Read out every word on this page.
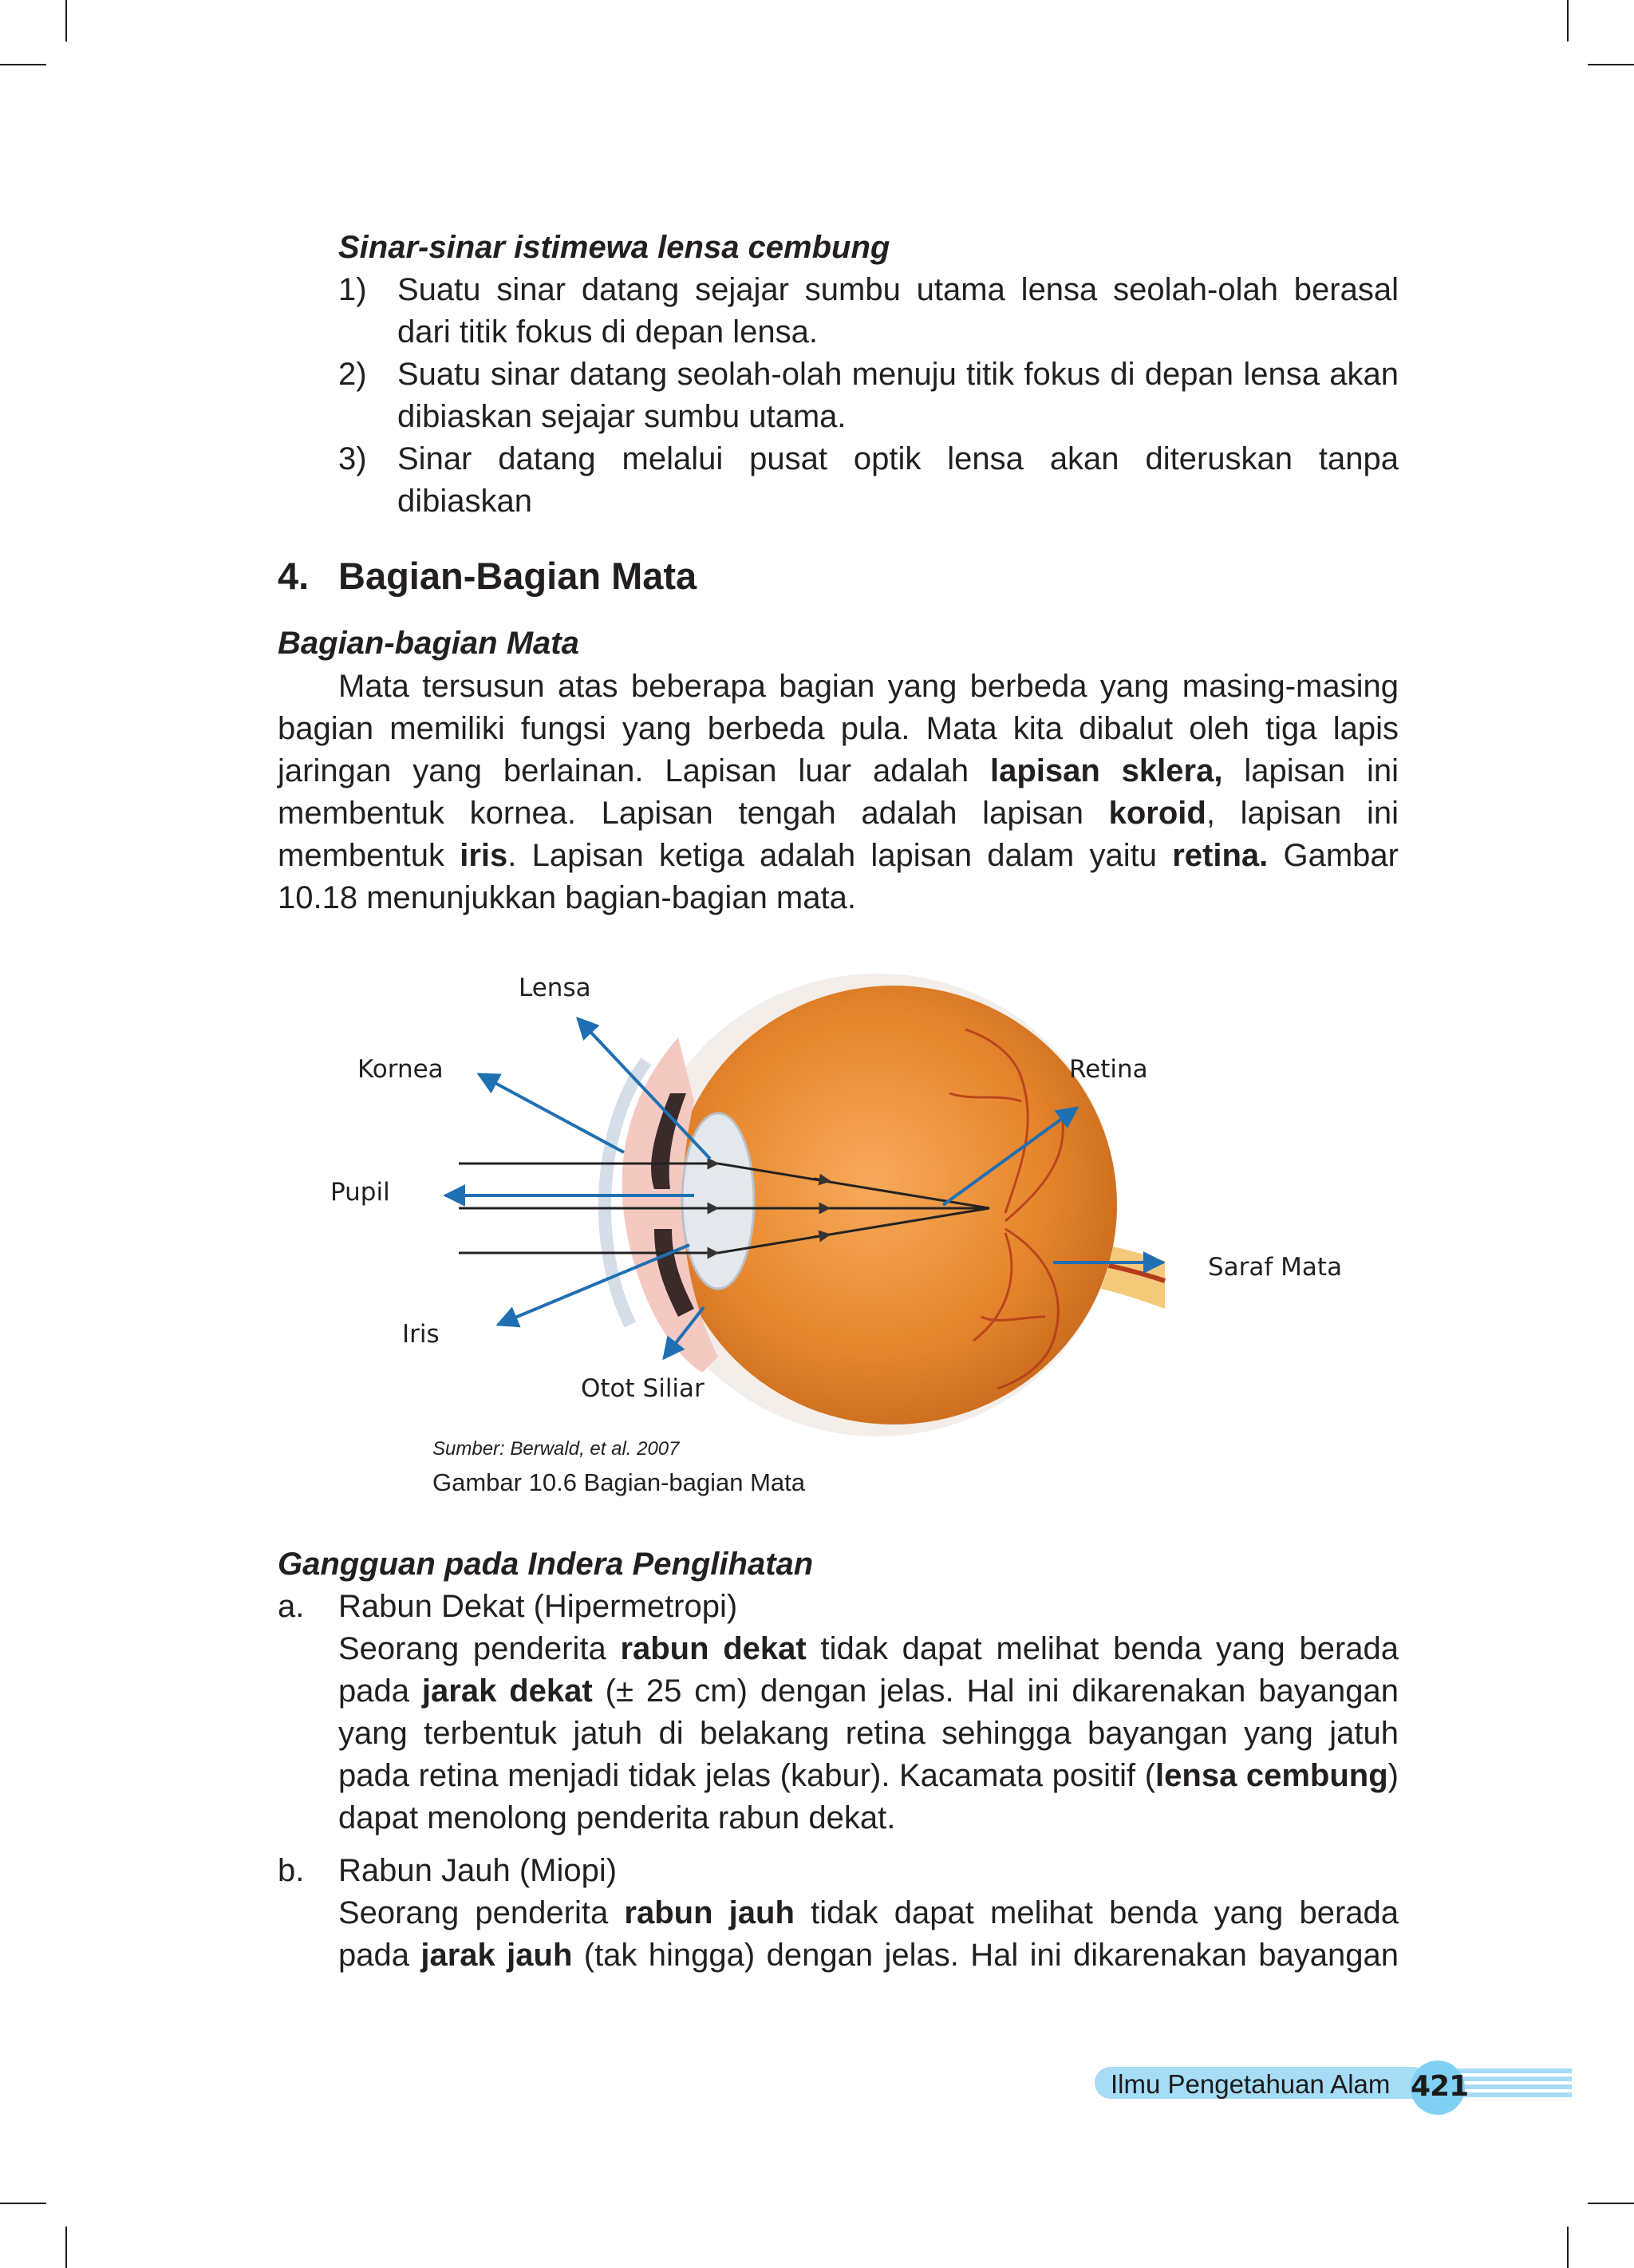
Sinar-sinar istimewa lensa cembung
1) Suatu sinar datang sejajar sumbu utama lensa seolah-olah berasal dari titik fokus di depan lensa.
2) Suatu sinar datang seolah-olah menuju titik fokus di depan lensa akan dibiaskan sejajar sumbu utama.
3) Sinar datang melalui pusat optik lensa akan diteruskan tanpa dibiaskan
4. Bagian-Bagian Mata
Bagian-bagian Mata
Mata tersusun atas beberapa bagian yang berbeda yang masing-masing bagian memiliki fungsi yang berbeda pula. Mata kita dibalut oleh tiga lapis jaringan yang berlainan. Lapisan luar adalah lapisan sklera, lapisan ini membentuk kornea. Lapisan tengah adalah lapisan koroid, lapisan ini membentuk iris. Lapisan ketiga adalah lapisan dalam yaitu retina. Gambar 10.18 menunjukkan bagian-bagian mata.
Lensa
Kornea	Retina
Pupil
Saraf Mata
Iris
Otot Siliar
Sumber: Berwald, et al. 2007
Gambar 10.6 Bagian-bagian Mata
Gangguan pada Indera Penglihatan
a. Rabun Dekat (Hipermetropi)
Seorang penderita rabun dekat tidak dapat melihat benda yang berada pada jarak dekat (± 25 cm) dengan jelas. Hal ini dikarenakan bayangan yang terbentuk jatuh di belakang retina sehingga bayangan yang jatuh pada retina menjadi tidak jelas (kabur). Kacamata positif (lensa cembung) dapat menolong penderita rabun dekat.
b. Rabun Jauh (Miopi)
Seorang penderita rabun jauh tidak dapat melihat benda yang berada pada jarak jauh (tak hingga) dengan jelas. Hal ini dikarenakan bayangan
Ilmu Pengetahuan Alam 421
